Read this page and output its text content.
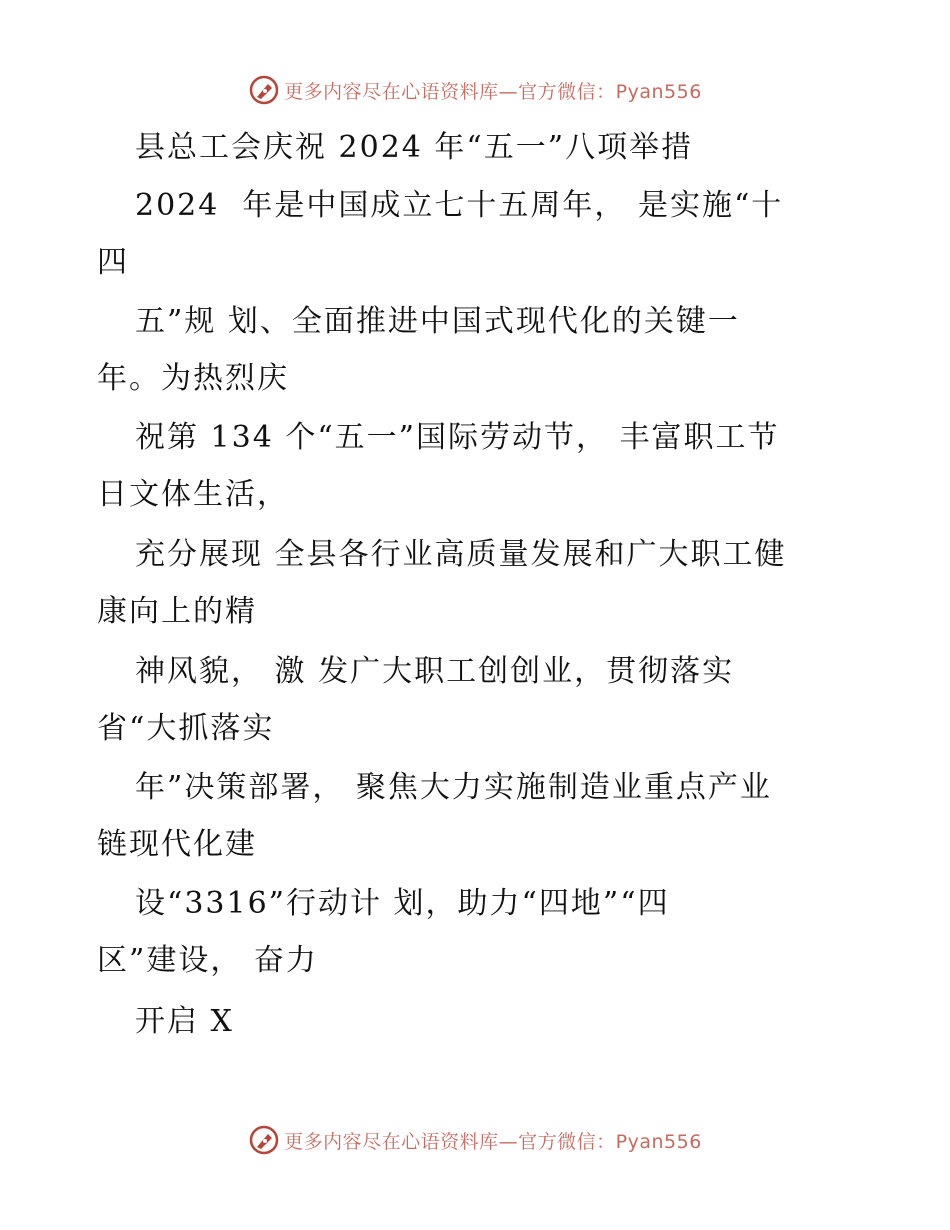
更多内容尽在心语资料库—官方微信：Pyan556
县总工会庆祝 2024 年“五一”八项举措
2024  年是中国成立七十五周年， 是实施“十
四
五”规 划、全面推进中国式现代化的关键一
年。为热烈庆
祝第 134 个“五一”国际劳动节， 丰富职工节
日文体生活，
充分展现 全县各行业高质量发展和广大职工健
康向上的精
神风貌， 激 发广大职工创创业，贯彻落实
省“大抓落实
年”决策部署， 聚焦大力实施制造业重点产业
链现代化建
设“3316”行动计 划，助力“四地”“四
区”建设， 奋力
开启 X
更多内容尽在心语资料库—官方微信：Pyan556
